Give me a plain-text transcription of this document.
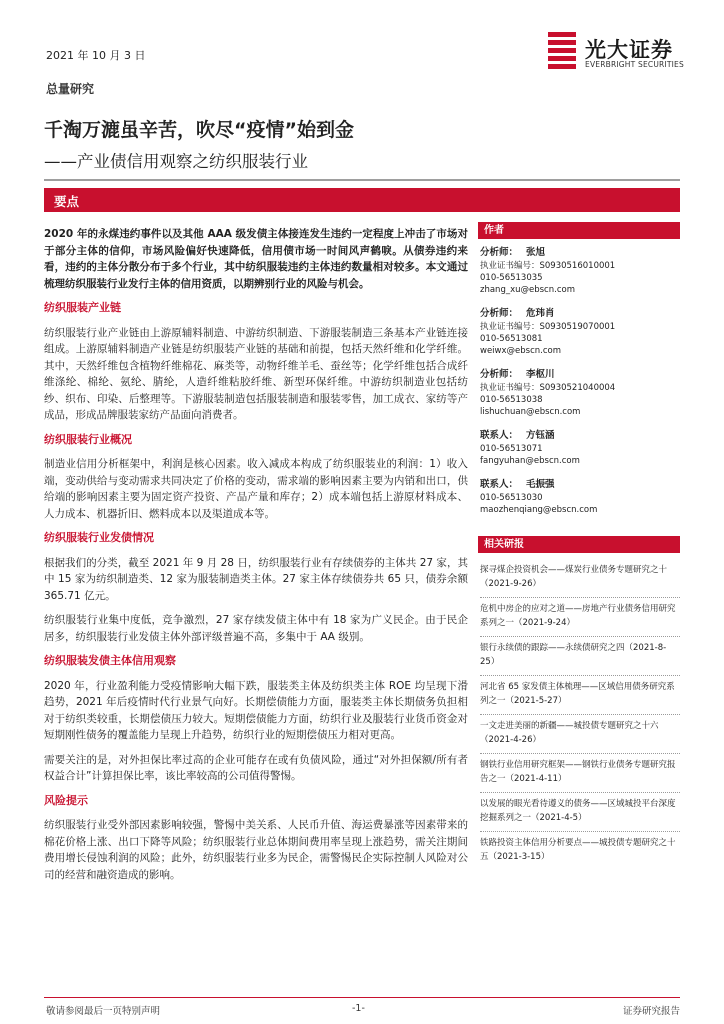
2021 年 10 月 3 日	光大证券
EVERBRIGHT SECURITIES
总量研究
千淘万漉虽辛苦，吹尽“疫情”始到金
——产业债信用观察之纺织服装行业
要点

2020 年的永煤违约事件以及其他 AAA 级发债主体接连发生违约一定程度上冲击了市场对于部分主体的信仰，市场风险偏好快速降低，信用债市场一时间风声鹤唳。从债券违约来看，违约的主体分散分布于多个行业，其中纺织服装违约主体违约数量相对较多。本文通过梳理纺织服装行业发行主体的信用资质，以期辨别行业的风险与机会。

纺织服装产业链

纺织服装行业产业链由上游原辅料制造、中游纺织制造、下游服装制造三条基本产业链连接组成。上游原辅料制造产业链是纺织服装产业链的基础和前提，包括天然纤维和化学纤维。其中，天然纤维包含植物纤维棉花、麻类等，动物纤维羊毛、蚕丝等；化学纤维包括合成纤维涤纶、棉纶、氨纶、腈纶，人造纤维粘胶纤维、新型环保纤维。中游纺织制造业包括纺纱、织布、印染、后整理等。下游服装制造包括服装制造和服装零售，加工成衣、家纺等产成品，形成品牌服装家纺产品面向消费者。

纺织服装行业概况

制造业信用分析框架中，利润是核心因素。收入减成本构成了纺织服装业的利润：1）收入端，变动供给与变动需求共同决定了价格的变动，需求端的影响因素主要为内销和出口，供给端的影响因素主要为固定资产投资、产品产量和库存；2）成本端包括上游原材料成本、人力成本、机器折旧、燃料成本以及渠道成本等。

纺织服装行业发债情况

根据我们的分类，截至 2021 年 9 月 28 日，纺织服装行业有存续债券的主体共 27 家，其中 15 家为纺织制造类、12 家为服装制造类主体。27 家主体存续债券共 65 只，债券余额 365.71 亿元。

纺织服装行业集中度低，竞争激烈，27 家存续发债主体中有 18 家为广义民企。由于民企居多，纺织服装行业发债主体外部评级普遍不高，多集中于 AA 级别。

纺织服装发债主体信用观察

2020 年，行业盈利能力受疫情影响大幅下跌，服装类主体及纺织类主体 ROE 均呈现下滑趋势，2021 年后疫情时代行业景气向好。长期偿债能力方面，服装类主体长期债务负担相对于纺织类较重，长期偿债压力较大。短期偿债能力方面，纺织行业及服装行业货币资金对短期刚性债务的覆盖能力呈现上升趋势，纺织行业的短期偿债压力相对更高。

需要关注的是，对外担保比率过高的企业可能存在或有负债风险，通过“对外担保额/所有者权益合计”计算担保比率，该比率较高的公司值得警惕。

风险提示

纺织服装行业受外部因素影响较强，警惕中美关系、人民币升值、海运费暴涨等因素带来的棉花价格上涨、出口下降等风险；纺织服装行业总体期间费用率呈现上涨趋势，需关注期间费用增长侵蚀利润的风险；此外，纺织服装行业多为民企，需警惕民企实际控制人风险对公司的经营和融资造成的影响。

作者
分析师： 张旭
执业证书编号：S0930516010001
010-56513035
zhang_xu@ebscn.com
分析师： 危玮肖
执业证书编号：S0930519070001
010-56513081
weiwx@ebscn.com
分析师： 李枢川
执业证书编号：S0930521040004
010-56513038
lishuchuan@ebscn.com
联系人： 方钰涵
010-56513071
fangyuhan@ebscn.com
联系人： 毛振强
010-56513030
maozhenqiang@ebscn.com
相关研报
探寻煤企投资机会——煤炭行业债务专题研究之十（2021-9-26）
危机中房企的应对之道——房地产行业债务信用研究系列之一（2021-9-24）
银行永续债的跟踪——永续债研究之四（2021-8-25）
河北省 65 家发债主体梳理——区域信用债务研究系列之一（2021-5-27）
一文走进美丽的新疆——城投债专题研究之十六（2021-4-26）
钢铁行业信用研究框架——钢铁行业债务专题研究报告之一（2021-4-11）
以发展的眼光看待遵义的债务——区域城投平台深度挖掘系列之一（2021-4-5）
铁路投资主体信用分析要点——城投债专题研究之十五（2021-3-15）
敬请参阅最后一页特别声明	-1-	证券研究报告
